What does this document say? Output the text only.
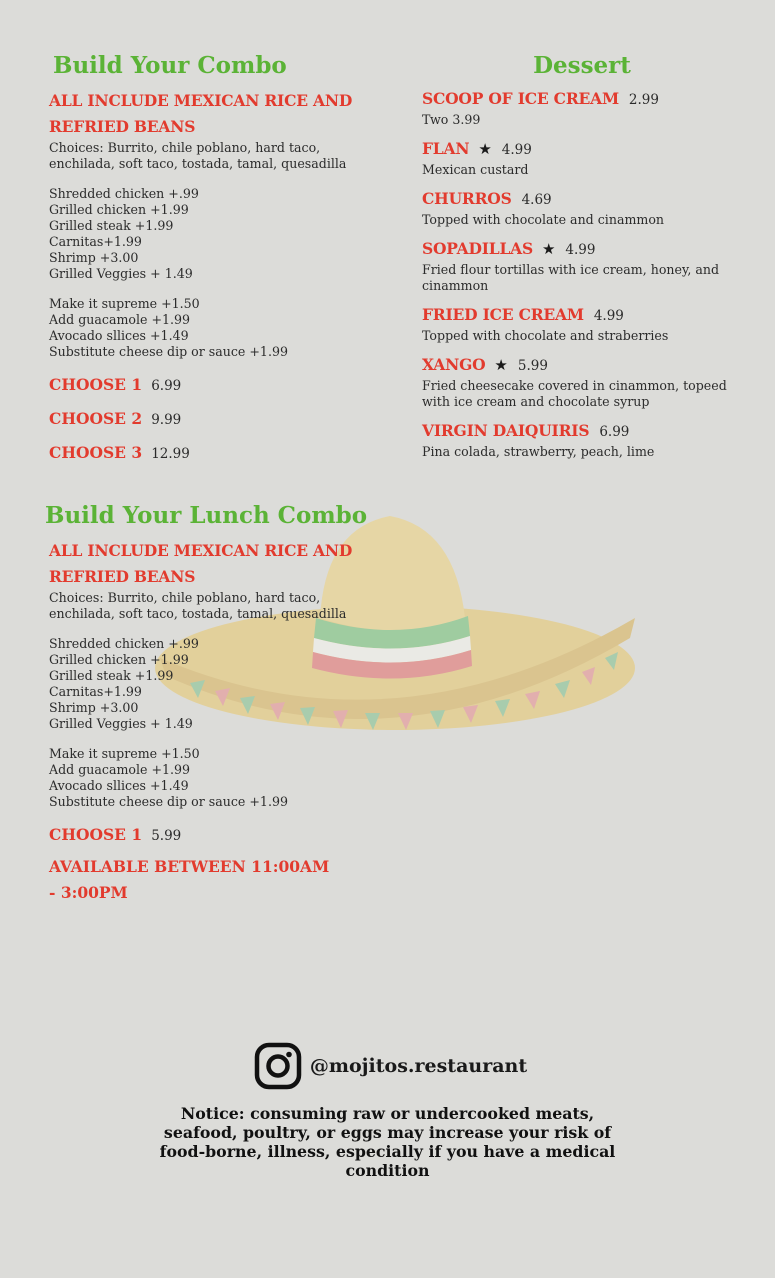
Build Your Combo
ALL INCLUDE MEXICAN RICE AND REFRIED BEANS
Choices: Burrito, chile poblano, hard taco, enchilada, soft taco, tostada, tamal, quesadilla
Shredded chicken +.99
Grilled chicken +1.99
Grilled steak +1.99
Carnitas+1.99
Shrimp +3.00
Grilled Veggies + 1.49
Make it supreme +1.50
Add guacamole +1.99
Avocado sllices +1.49
Substitute cheese dip or sauce +1.99
CHOOSE 1 6.99
CHOOSE 2 9.99
CHOOSE 3 12.99
Dessert
SCOOP OF ICE CREAM 2.99
Two 3.99
FLAN ★ 4.99
Mexican custard
CHURROS 4.69
Topped with chocolate and cinammon
SOPADILLAS ★ 4.99
Fried flour tortillas with ice cream, honey, and cinammon
FRIED ICE CREAM 4.99
Topped with chocolate and straberries
XANGO ★ 5.99
Fried cheesecake covered in cinammon, topeed with ice cream and chocolate syrup
VIRGIN DAIQUIRIS 6.99
Pina colada, strawberry, peach, lime
Build Your Lunch Combo
ALL INCLUDE MEXICAN RICE AND REFRIED BEANS
Choices: Burrito, chile poblano, hard taco, enchilada, soft taco, tostada, tamal, quesadilla
Shredded chicken +.99
Grilled chicken +1.99
Grilled steak +1.99
Carnitas+1.99
Shrimp +3.00
Grilled Veggies + 1.49
Make it supreme +1.50
Add guacamole +1.99
Avocado sllices +1.49
Substitute cheese dip or sauce +1.99
CHOOSE 1 5.99
AVAILABLE BETWEEN 11:00AM - 3:00PM
@mojitos.restaurant
Notice: consuming raw or undercooked meats, seafood, poultry, or eggs may increase your risk of food-borne, illness, especially if you have a medical condition
